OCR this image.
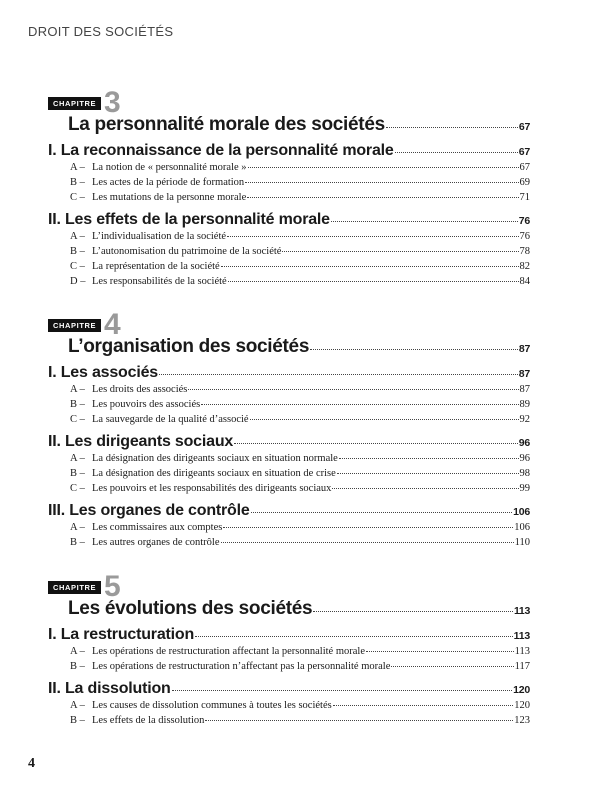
DROIT DES SOCIÉTÉS
CHAPITRE 3
La personnalité morale des sociétés	67
I. La reconnaissance de la personnalité morale	67
A – La notion de « personnalité morale »	67
B – Les actes de la période de formation	69
C – Les mutations de la personne morale	71
II. Les effets de la personnalité morale	76
A – L’individualisation de la société	76
B – L’autonomisation du patrimoine de la société	78
C – La représentation de la société	82
D – Les responsabilités de la société	84
CHAPITRE 4
L’organisation des sociétés	87
I. Les associés	87
A – Les droits des associés	87
B – Les pouvoirs des associés	89
C – La sauvegarde de la qualité d’associé	92
II. Les dirigeants sociaux	96
A – La désignation des dirigeants sociaux en situation normale	96
B – La désignation des dirigeants sociaux en situation de crise	98
C – Les pouvoirs et les responsabilités des dirigeants sociaux	99
III. Les organes de contrôle	106
A – Les commissaires aux comptes	106
B – Les autres organes de contrôle	110
CHAPITRE 5
Les évolutions des sociétés	113
I. La restructuration	113
A – Les opérations de restructuration affectant la personnalité morale	113
B – Les opérations de restructuration n’affectant pas la personnalité morale	117
II. La dissolution	120
A – Les causes de dissolution communes à toutes les sociétés	120
B – Les effets de la dissolution	123
4
